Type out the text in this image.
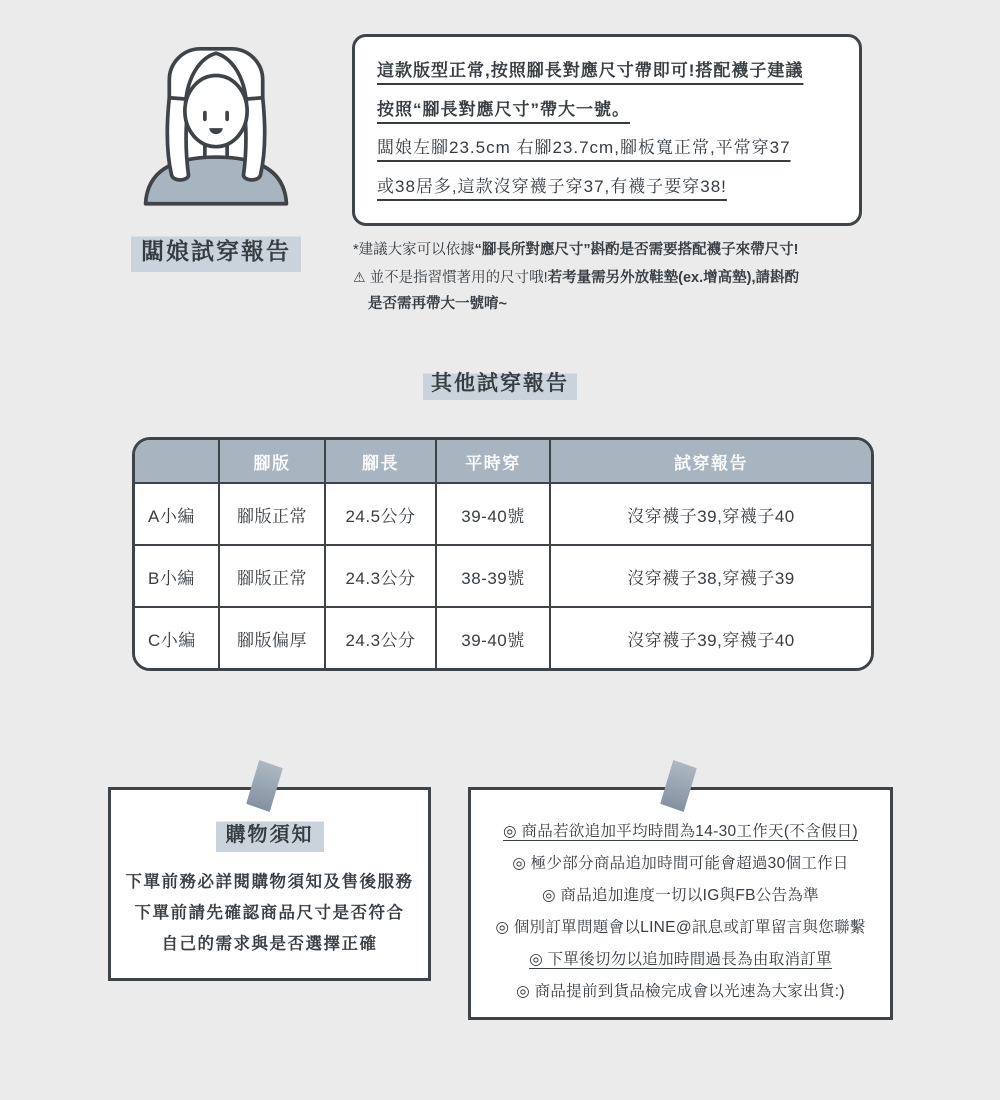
闆娘試穿報告

這款版型正常,按照腳長對應尺寸帶即可!搭配襪子建議

按照“腳長對應尺寸”帶大一號。

闆娘左腳23.5cm 右腳23.7cm,腳板寬正常,平常穿37

或38居多,這款沒穿襪子穿37,有襪子要穿38!

*建議大家可以依據“腳長所對應尺寸”斟酌是否需要搭配襪子來帶尺寸!

⚠ 並不是指習慣著用的尺寸哦!若考量需另外放鞋墊(ex.增高墊),請斟酌

是否需再帶大一號唷~

其他試穿報告
	腳版	腳長	平時穿	試穿報告
A小編	腳版正常	24.5公分	39-40號	沒穿襪子39,穿襪子40
B小編	腳版正常	24.3公分	38-39號	沒穿襪子38,穿襪子39
C小編	腳版偏厚	24.3公分	39-40號	沒穿襪子39,穿襪子40
購物須知

下單前務必詳閱購物須知及售後服務

下單前請先確認商品尺寸是否符合

自己的需求與是否選擇正確

◎ 商品若欲追加平均時間為14-30工作天(不含假日)

◎ 極少部分商品追加時間可能會超過30個工作日

◎ 商品追加進度一切以IG與FB公告為準

◎ 個別訂單問題會以LINE@訊息或訂單留言與您聯繫

◎ 下單後切勿以追加時間過長為由取消訂單

◎ 商品提前到貨品檢完成會以光速為大家出貨:)
